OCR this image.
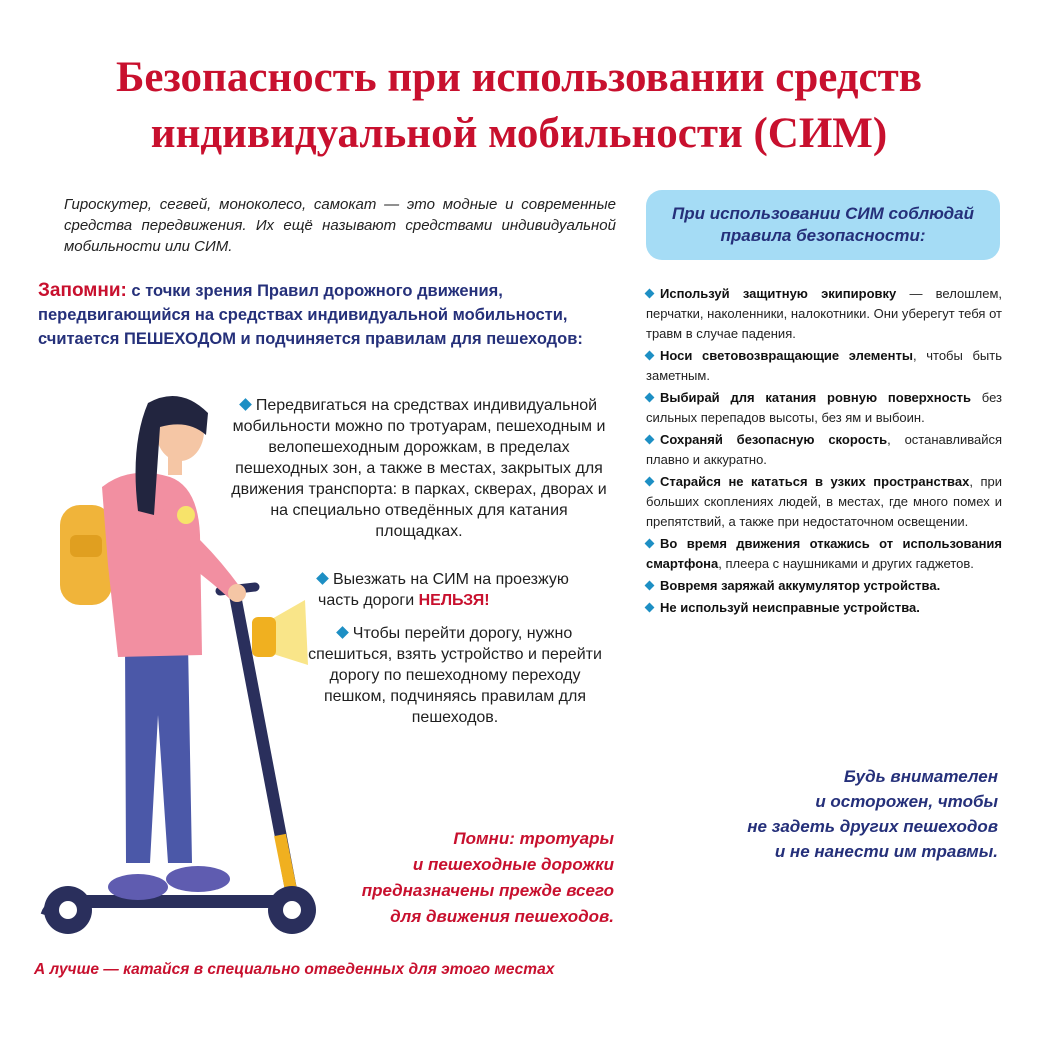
Безопасность при использовании средств
индивидуальной мобильности (СИМ)
Гироскутер, сегвей, моноколесо, самокат — это модные и современные средства передвижения. Их ещё называют средствами индивидуальной мобильности или СИМ.
Запомни: с точки зрения Правил дорожного движения, передвигающийся на средствах индивидуальной мобильности, считается ПЕШЕХОДОМ и подчиняется правилам для пешеходов:
Передвигаться на средствах индивидуальной мобильности можно по тротуарам, пешеходным и велопешеходным дорожкам, в пределах пешеходных зон, а также в местах, закрытых для движения транспорта: в парках, скверах, дворах и на специально отведённых для катания площадках.
Выезжать на СИМ на проезжую часть дороги НЕЛЬЗЯ!
Чтобы перейти дорогу, нужно спешиться, взять устройство и перейти дорогу по пешеходному переходу пешком, подчиняясь правилам для пешеходов.
Помни: тротуары
и пешеходные дорожки
предназначены прежде всего
для движения пешеходов.
А лучше — катайся в специально отведенных для этого местах
При использовании СИМ соблюдай
правила безопасности:
Используй защитную экипировку — велошлем, перчатки, наколенники, налокотники. Они уберегут тебя от травм в случае падения.
Носи световозвращающие элементы, чтобы быть заметным.
Выбирай для катания ровную поверхность без сильных перепадов высоты, без ям и выбоин.
Сохраняй безопасную скорость, останавливайся плавно и аккуратно.
Старайся не кататься в узких пространствах, при больших скоплениях людей, в местах, где много помех и препятствий, а также при недостаточном освещении.
Во время движения откажись от использования смартфона, плеера с наушниками и других гаджетов.
Вовремя заряжай аккумулятор устройства.
Не используй неисправные устройства.
Будь внимателен
и осторожен, чтобы
не задеть других пешеходов
и не нанести им травмы.
